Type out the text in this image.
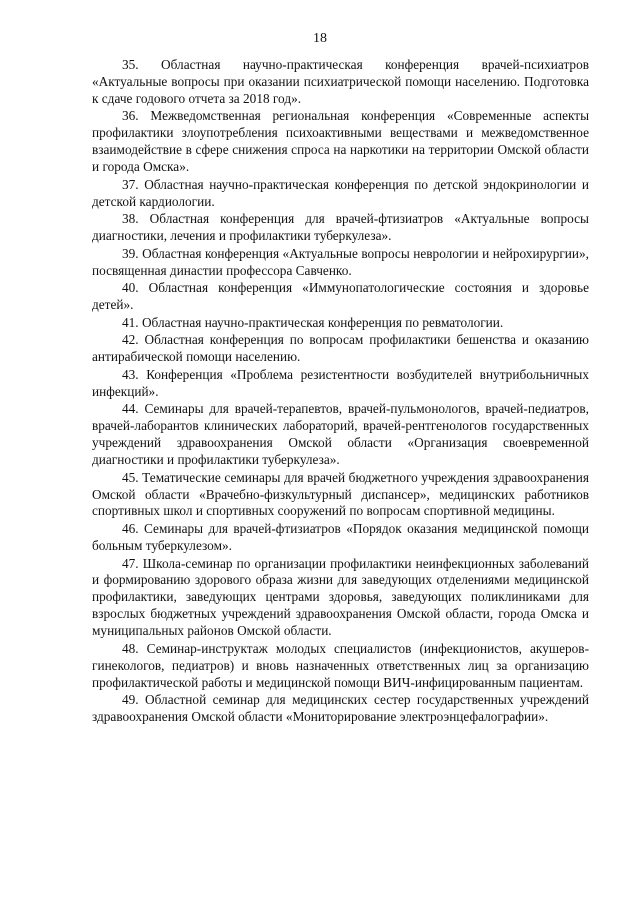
18

35. Областная научно-практическая конференция врачей-психиатров «Актуальные вопросы при оказании психиатрической помощи населению. Подготовка к сдаче годового отчета за 2018 год».

36. Межведомственная региональная конференция «Современные аспекты профилактики злоупотребления психоактивными веществами и межведомственное взаимодействие в сфере снижения спроса на наркотики на территории Омской области и города Омска».

37. Областная научно-практическая конференция по детской эндокринологии и детской кардиологии.

38. Областная конференция для врачей-фтизиатров «Актуальные вопросы диагностики, лечения и профилактики туберкулеза».

39. Областная конференция «Актуальные вопросы неврологии и нейрохирургии», посвященная династии профессора Савченко.

40. Областная конференция «Иммунопатологические состояния и здоровье детей».

41. Областная научно-практическая конференция по ревматологии.

42. Областная конференция по вопросам профилактики бешенства и оказанию антирабической помощи населению.

43. Конференция «Проблема резистентности возбудителей внутрибольничных инфекций».

44. Семинары для врачей-терапевтов, врачей-пульмонологов, врачей-педиатров, врачей-лаборантов клинических лабораторий, врачей-рентгенологов государственных учреждений здравоохранения Омской области «Организация своевременной диагностики и профилактики туберкулеза».

45. Тематические семинары для врачей бюджетного учреждения здравоохранения Омской области «Врачебно-физкультурный диспансер», медицинских работников спортивных школ и спортивных сооружений по вопросам спортивной медицины.

46. Семинары для врачей-фтизиатров «Порядок оказания медицинской помощи больным туберкулезом».

47. Школа-семинар по организации профилактики неинфекционных заболеваний и формированию здорового образа жизни для заведующих отделениями медицинской профилактики, заведующих центрами здоровья, заведующих поликлиниками для взрослых бюджетных учреждений здравоохранения Омской области, города Омска и муниципальных районов Омской области.

48. Семинар-инструктаж молодых специалистов (инфекционистов, акушеров-гинекологов, педиатров) и вновь назначенных ответственных лиц за организацию профилактической работы и медицинской помощи ВИЧ-инфицированным пациентам.

49. Областной семинар для медицинских сестер государственных учреждений здравоохранения Омской области «Мониторирование электроэнцефалографии».
